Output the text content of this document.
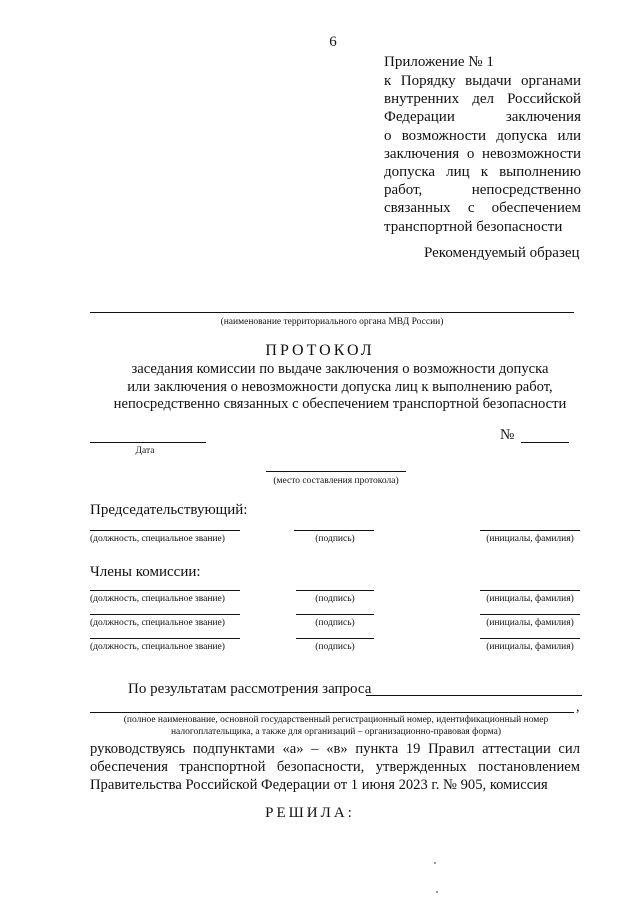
6
Приложение № 1
к Порядку выдачи органами
внутренних дел Российской
Федерации заключения
о возможности допуска или
заключения о невозможности
допуска лиц к выполнению
работ, непосредственно
связанных с обеспечением
транспортной безопасности
Рекомендуемый образец
(наименование территориального органа МВД России)
ПРОТОКОЛ
заседания комиссии по выдаче заключения о возможности допуска
или заключения о невозможности допуска лиц к выполнению работ,
непосредственно связанных с обеспечением транспортной безопасности
Дата
№
(место составления протокола)
Председательствующий:
(должность, специальное звание)	(подпись)	(инициалы, фамилия)
Члены комиссии:
(должность, специальное звание)	(подпись)	(инициалы, фамилия)
(должность, специальное звание)	(подпись)	(инициалы, фамилия)
(должность, специальное звание)	(подпись)	(инициалы, фамилия)
По результатам рассмотрения запроса
,
(полное наименование, основной государственный регистрационный номер, идентификационный номер
налогоплательщика, а также для организаций – организационно-правовая форма)
руководствуясь подпунктами «а» – «в» пункта 19 Правил аттестации сил
обеспечения транспортной безопасности, утвержденных постановлением
Правительства Российской Федерации от 1 июня 2023 г. № 905, комиссия
РЕШИЛА:
